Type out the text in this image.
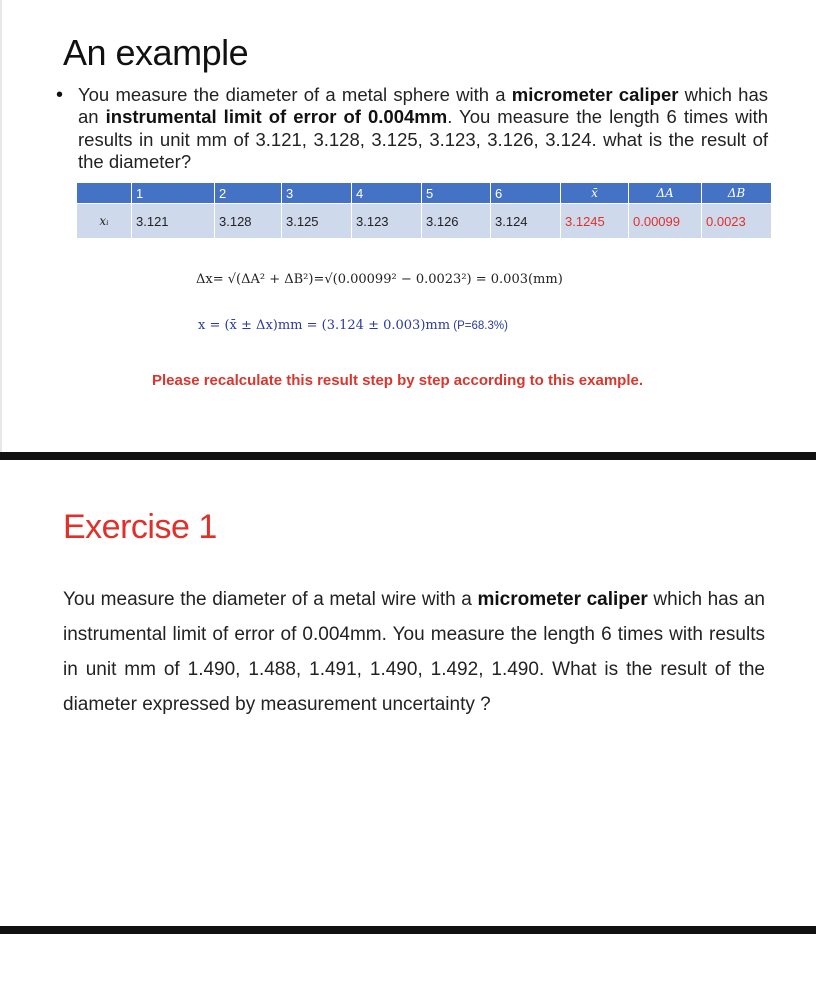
An example
• You measure the diameter of a metal sphere with a micrometer caliper which has an instrumental limit of error of 0.004mm. You measure the length 6 times with results in unit mm of 3.121, 3.128, 3.125, 3.123, 3.126, 3.124. what is the result of the diameter?
	1	2	3	4	5	6	x̄	ΔA	ΔB
xᵢ	3.121	3.128	3.125	3.123	3.126	3.124	3.1245	0.00099	0.0023
Δx= √(ΔA² + ΔB²)=√(0.00099² − 0.0023²) = 0.003(mm)
x = (x̄ ± Δx)mm = (3.124 ± 0.003)mm (P=68.3%)
Please recalculate this result step by step according to this example.
Exercise 1
You measure the diameter of a metal wire with a micrometer caliper which has an instrumental limit of error of 0.004mm. You measure the length 6 times with results in unit mm of 1.490, 1.488, 1.491, 1.490, 1.492, 1.490. What is the result of the diameter expressed by measurement uncertainty ?
